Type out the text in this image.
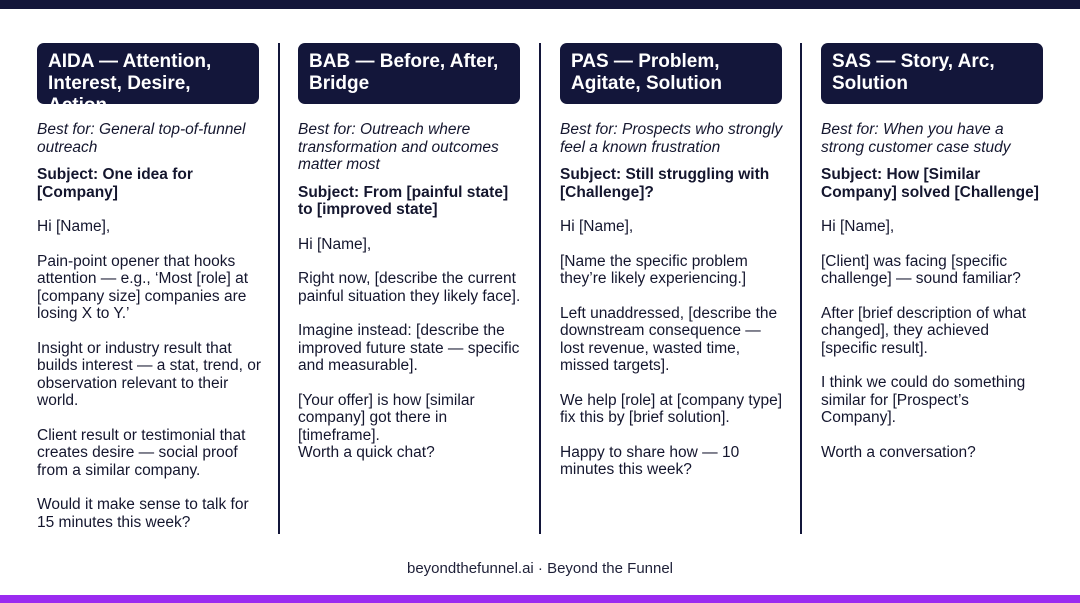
AIDA — Attention, Interest, Desire, Action
Best for: General top-of-funnel outreach
Subject: One idea for [Company]
Hi [Name],
Pain-point opener that hooks attention — e.g., ‘Most [role] at [company size] companies are losing X to Y.’
Insight or industry result that builds interest — a stat, trend, or observation relevant to their world.
Client result or testimonial that creates desire — social proof from a similar company.
Would it make sense to talk for 15 minutes this week?
BAB — Before, After, Bridge
Best for: Outreach where transformation and outcomes matter most
Subject: From [painful state] to [improved state]
Hi [Name],
Right now, [describe the current painful situation they likely face].
Imagine instead: [describe the improved future state — specific and measurable].
[Your offer] is how [similar company] got there in [timeframe].
Worth a quick chat?
PAS — Problem, Agitate, Solution
Best for: Prospects who strongly feel a known frustration
Subject: Still struggling with [Challenge]?
Hi [Name],
[Name the specific problem they’re likely experiencing.]
Left unaddressed, [describe the downstream consequence — lost revenue, wasted time, missed targets].
We help [role] at [company type] fix this by [brief solution].
Happy to share how — 10 minutes this week?
SAS — Story, Arc, Solution
Best for: When you have a strong customer case study
Subject: How [Similar Company] solved [Challenge]
Hi [Name],
[Client] was facing [specific challenge] — sound familiar?
After [brief description of what changed], they achieved [specific result].
I think we could do something similar for [Prospect’s Company].
Worth a conversation?
beyondthefunnel.ai · Beyond the Funnel
